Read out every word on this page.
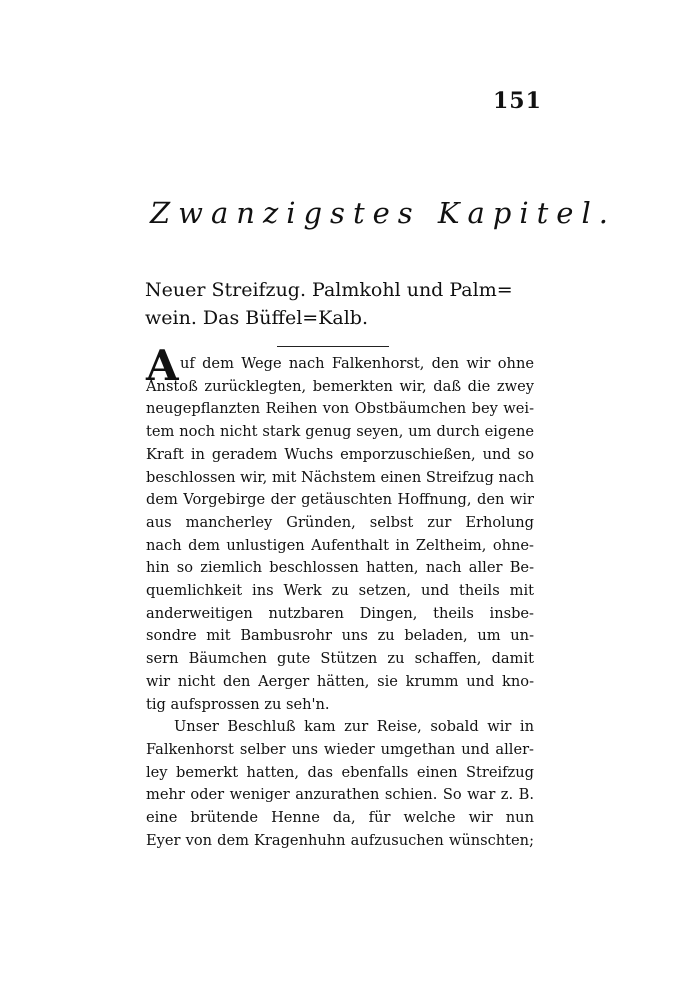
151
Zwanzigstes Kapitel.
Neuer Streifzug. Palmkohl und Palm=
wein. Das Büffel=Kalb.
A uf dem Wege nach Falkenhorst, den wir ohne
Anstoß zurücklegten, bemerkten wir, daß die zwey
neugepflanzten Reihen von Obstbäumchen bey wei-
tem noch nicht stark genug seyen, um durch eigene
Kraft in geradem Wuchs emporzuschießen, und so
beschlossen wir, mit Nächstem einen Streifzug nach
dem Vorgebirge der getäuschten Hoffnung, den wir
aus mancherley Gründen, selbst zur Erholung
nach dem unlustigen Aufenthalt in Zeltheim, ohne-
hin so ziemlich beschlossen hatten, nach aller Be-
quemlichkeit ins Werk zu setzen, und theils mit
anderweitigen nutzbaren Dingen, theils insbe-
sondre mit Bambusrohr uns zu beladen, um un-
sern Bäumchen gute Stützen zu schaffen, damit
wir nicht den Aerger hätten, sie krumm und kno-
tig aufsprossen zu seh'n.
Unser Beschluß kam zur Reise, sobald wir in
Falkenhorst selber uns wieder umgethan und aller-
ley bemerkt hatten, das ebenfalls einen Streifzug
mehr oder weniger anzurathen schien. So war z. B.
eine brütende Henne da, für welche wir nun
Eyer von dem Kragenhuhn aufzusuchen wünschten;
